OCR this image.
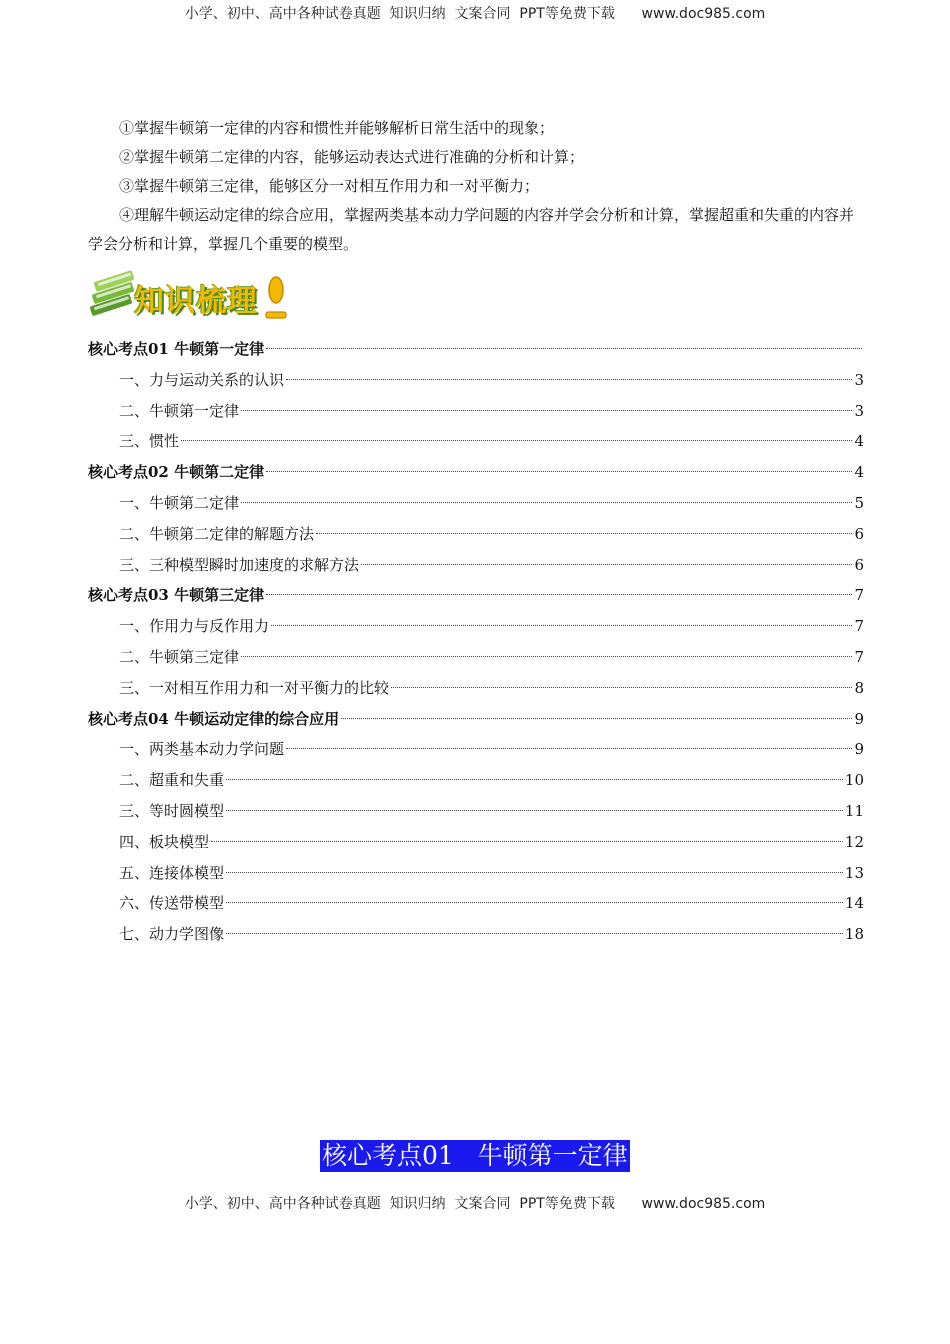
小学、初中、高中各种试卷真题  知识归纳  文案合同  PPT等免费下载      www.doc985.com

①掌握牛顿第一定律的内容和惯性并能够解析日常生活中的现象；

②掌握牛顿第二定律的内容，能够运动表达式进行准确的分析和计算；

③掌握牛顿第三定律，能够区分一对相互作用力和一对平衡力；

④理解牛顿运动定律的综合应用，掌握两类基本动力学问题的内容并学会分析和计算，掌握超重和失重的内容并学会分析和计算，掌握几个重要的模型。

知识梳理
核心考点01 牛顿第一定律
一、力与运动关系的认识	3
二、牛顿第一定律	3
三、惯性	4
核心考点02 牛顿第二定律	4
一、牛顿第二定律	5
二、牛顿第二定律的解题方法	6
三、三种模型瞬时加速度的求解方法	6
核心考点03 牛顿第三定律	7
一、作用力与反作用力	7
二、牛顿第三定律	7
三、一对相互作用力和一对平衡力的比较	8
核心考点04 牛顿运动定律的综合应用	9
一、两类基本动力学问题	9
二、超重和失重	10
三、等时圆模型	11
四、板块模型	12
五、连接体模型	13
六、传送带模型	14
七、动力学图像	18
核心考点01   牛顿第一定律
小学、初中、高中各种试卷真题  知识归纳  文案合同  PPT等免费下载      www.doc985.com
